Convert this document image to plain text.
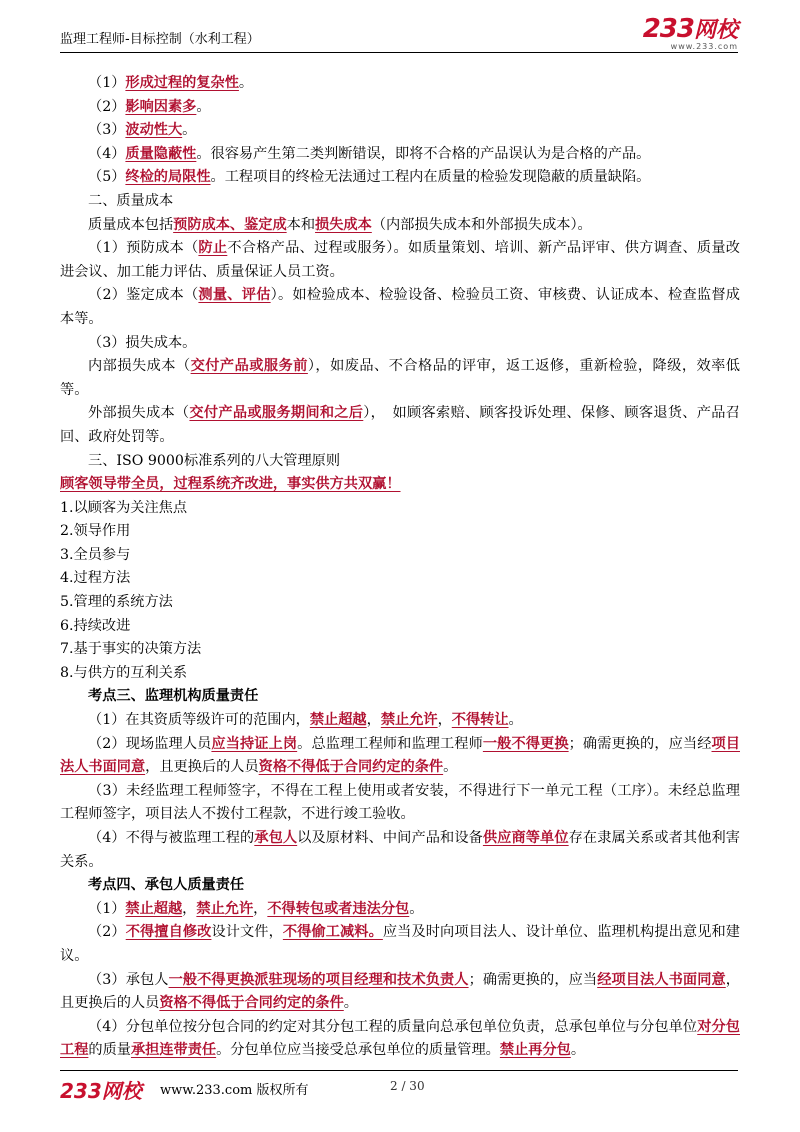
监理工程师-目标控制（水利工程）	233网校
www.233.com

（1）形成过程的复杂性。

（2）影响因素多。

（3）波动性大。

（4）质量隐蔽性。很容易产生第二类判断错误，即将不合格的产品误认为是合格的产品。

（5）终检的局限性。工程项目的终检无法通过工程内在质量的检验发现隐蔽的质量缺陷。

二、质量成本

质量成本包括预防成本、鉴定成本和损失成本（内部损失成本和外部损失成本）。

（1）预防成本（防止不合格产品、过程或服务）。如质量策划、培训、新产品评审、供方调查、质量改进会议、加工能力评估、质量保证人员工资。

（2）鉴定成本（测量、评估）。如检验成本、检验设备、检验员工资、审核费、认证成本、检查监督成本等。

（3）损失成本。

内部损失成本（交付产品或服务前），如废品、不合格品的评审，返工返修，重新检验，降级，效率低等。

外部损失成本（交付产品或服务期间和之后），　如顾客索赔、顾客投诉处理、保修、顾客退货、产品召回、政府处罚等。

三、ISO 9000标准系列的八大管理原则

顾客领导带全员，过程系统齐改进，事实供方共双赢！

1.以顾客为关注焦点

2.领导作用

3.全员参与

4.过程方法

5.管理的系统方法

6.持续改进

7.基于事实的决策方法

8.与供方的互利关系

考点三、监理机构质量责任

（1）在其资质等级许可的范围内，禁止超越，禁止允许，不得转让。

（2）现场监理人员应当持证上岗。总监理工程师和监理工程师一般不得更换；确需更换的，应当经项目法人书面同意，且更换后的人员资格不得低于合同约定的条件。

（3）未经监理工程师签字，不得在工程上使用或者安装，不得进行下一单元工程（工序）。未经总监理工程师签字，项目法人不拨付工程款，不进行竣工验收。

（4）不得与被监理工程的承包人以及原材料、中间产品和设备供应商等单位存在隶属关系或者其他利害关系。

考点四、承包人质量责任

（1）禁止超越，禁止允许，不得转包或者违法分包。

（2）不得擅自修改设计文件，不得偷工减料。应当及时向项目法人、设计单位、监理机构提出意见和建议。

（3）承包人一般不得更换派驻现场的项目经理和技术负责人；确需更换的，应当经项目法人书面同意，且更换后的人员资格不得低于合同约定的条件。

（4）分包单位按分包合同的约定对其分包工程的质量向总承包单位负责，总承包单位与分包单位对分包工程的质量承担连带责任。分包单位应当接受总承包单位的质量管理。禁止再分包。

233网校 www.233.com 版权所有	2 / 30
